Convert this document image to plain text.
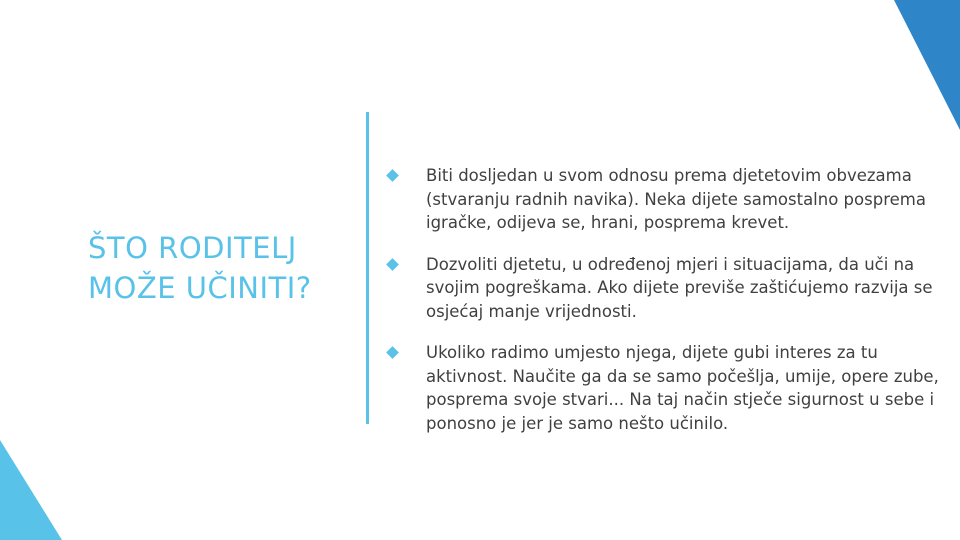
ŠTO RODITELJ
MOŽE UČINITI?
Biti dosljedan u svom odnosu prema djetetovim obvezama (stvaranju radnih navika). Neka dijete samostalno posprema igračke, odijeva se, hrani, posprema krevet.
Dozvoliti djetetu, u određenoj mjeri i situacijama, da uči na svojim pogreškama. Ako dijete previše zaštićujemo razvija se osjećaj manje vrijednosti.
Ukoliko radimo umjesto njega, dijete gubi interes za tu aktivnost. Naučite ga da se samo počešlja, umije, opere zube, posprema svoje stvari... Na taj način stječe sigurnost u sebe i ponosno je jer je samo nešto učinilo.
